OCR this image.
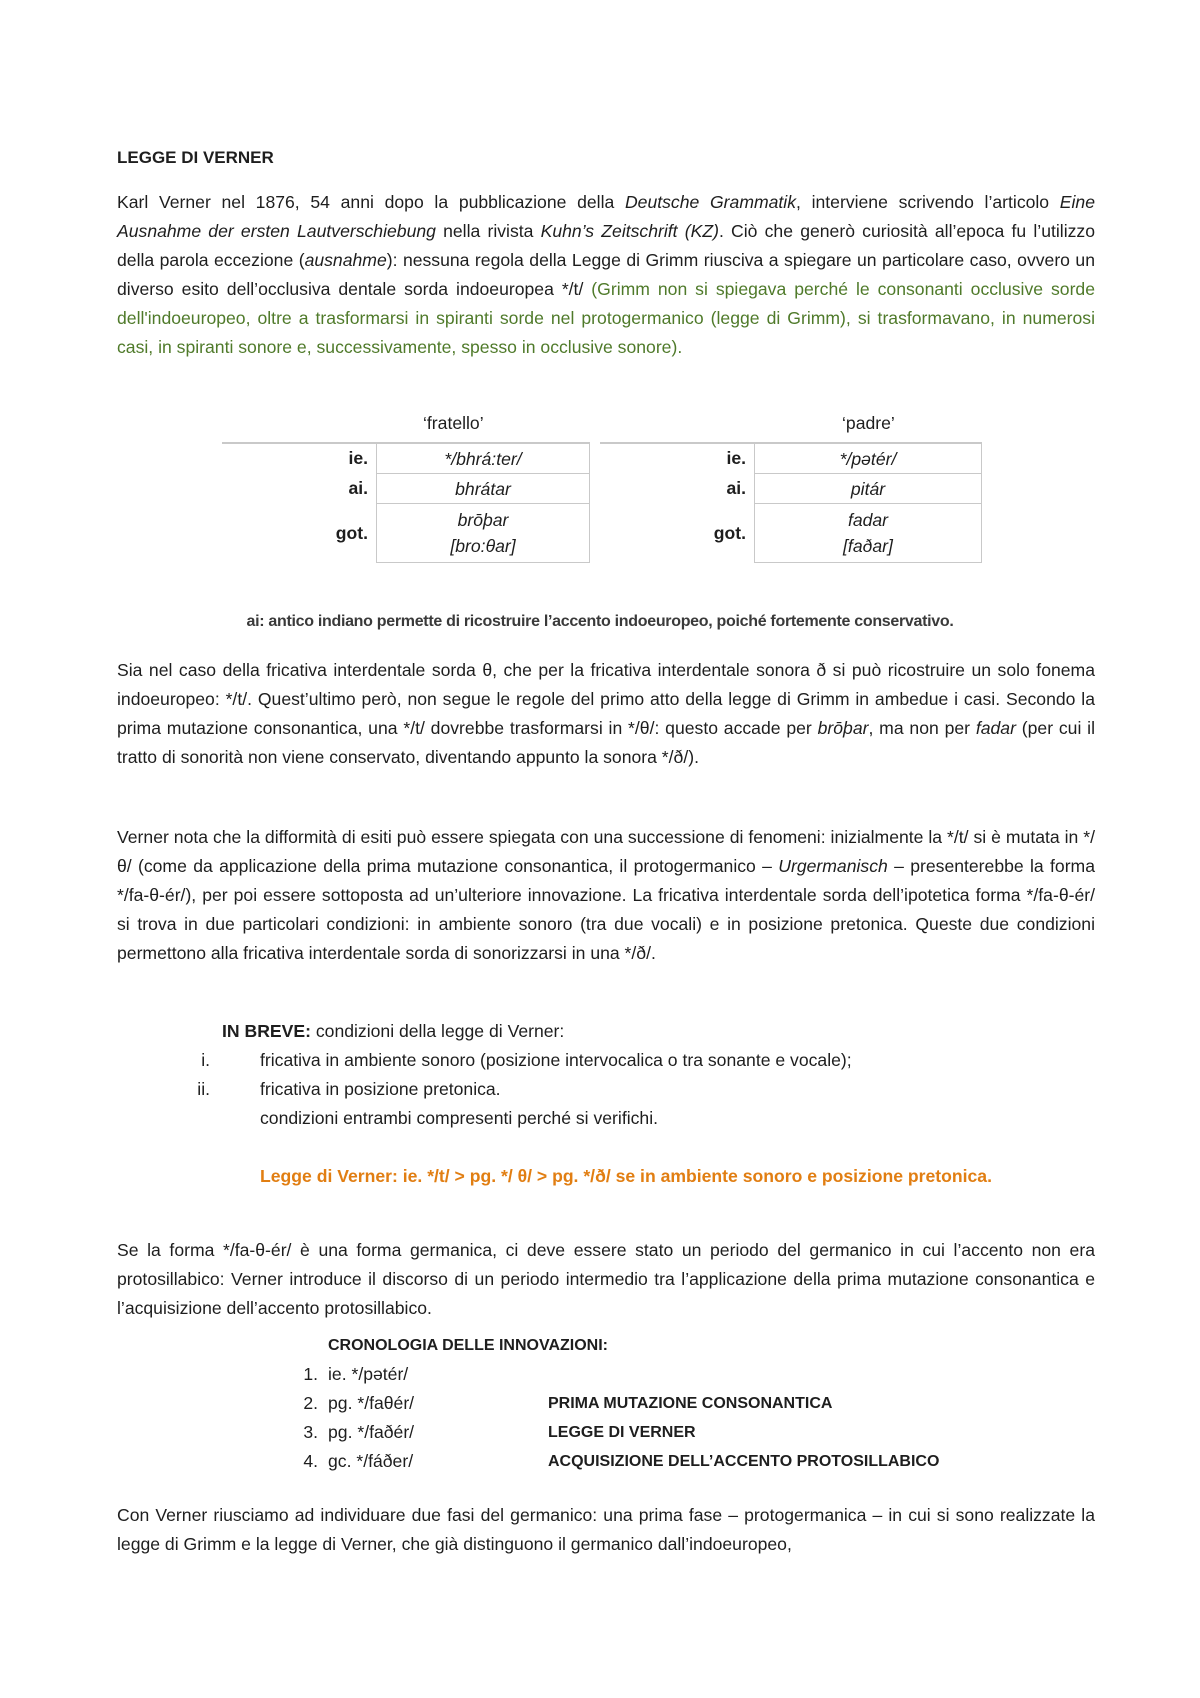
LEGGE DI VERNER
Karl Verner nel 1876, 54 anni dopo la pubblicazione della Deutsche Grammatik, interviene scrivendo l’articolo Eine Ausnahme der ersten Lautverschiebung nella rivista Kuhn’s Zeitschrift (KZ). Ciò che generò curiosità all’epoca fu l’utilizzo della parola eccezione (ausnahme): nessuna regola della Legge di Grimm riusciva a spiegare un particolare caso, ovvero un diverso esito dell’occlusiva dentale sorda indoeuropea */t/ (Grimm non si spiegava perché le consonanti occlusive sorde dell'indoeuropeo, oltre a trasformarsi in spiranti sorde nel protogermanico (legge di Grimm), si trasformavano, in numerosi casi, in spiranti sonore e, successivamente, spesso in occlusive sonore).
‘fratello’
ie.	*/bhrá:ter/
ai.	bhrátar
got.	brōþar
[bro:θar]
‘padre’
ie.	*/pətér/
ai.	pitár
got.	fadar
[faðar]
ai: antico indiano permette di ricostruire l’accento indoeuropeo, poiché fortemente conservativo.
Sia nel caso della fricativa interdentale sorda θ, che per la fricativa interdentale sonora ð si può ricostruire un solo fonema indoeuropeo: */t/. Quest’ultimo però, non segue le regole del primo atto della legge di Grimm in ambedue i casi. Secondo la prima mutazione consonantica, una */t/ dovrebbe trasformarsi in */θ/: questo accade per brōþar, ma non per fadar (per cui il tratto di sonorità non viene conservato, diventando appunto la sonora */ð/).
Verner nota che la difformità di esiti può essere spiegata con una successione di fenomeni: inizialmente la */t/ si è mutata in */θ/ (come da applicazione della prima mutazione consonantica, il protogermanico – Urgermanisch – presenterebbe la forma */fa-θ-ér/), per poi essere sottoposta ad un’ulteriore innovazione. La fricativa interdentale sorda dell’ipotetica forma */fa-θ-ér/ si trova in due particolari condizioni: in ambiente sonoro (tra due vocali) e in posizione pretonica. Queste due condizioni permettono alla fricativa interdentale sorda di sonorizzarsi in una */ð/.
IN BREVE: condizioni della legge di Verner:
i.	fricativa in ambiente sonoro (posizione intervocalica o tra sonante e vocale);
ii.	fricativa in posizione pretonica.
condizioni entrambi compresenti perché si verifichi.
Legge di Verner: ie. */t/ > pg. */ θ/ > pg. */ð/ se in ambiente sonoro e posizione pretonica.
Se la forma */fa-θ-ér/ è una forma germanica, ci deve essere stato un periodo del germanico in cui l’accento non era protosillabico: Verner introduce il discorso di un periodo intermedio tra l’applicazione della prima mutazione consonantica e l’acquisizione dell’accento protosillabico.
CRONOLOGIA DELLE INNOVAZIONI:
1. ie. */pətér/
2. pg. */faθér/	PRIMA MUTAZIONE CONSONANTICA
3. pg. */faðér/	LEGGE DI VERNER
4. gc. */fáðer/	ACQUISIZIONE DELL’ACCENTO PROTOSILLABICO
Con Verner riusciamo ad individuare due fasi del germanico: una prima fase – protogermanica – in cui si sono realizzate la legge di Grimm e la legge di Verner, che già distinguono il germanico dall’indoeuropeo,
